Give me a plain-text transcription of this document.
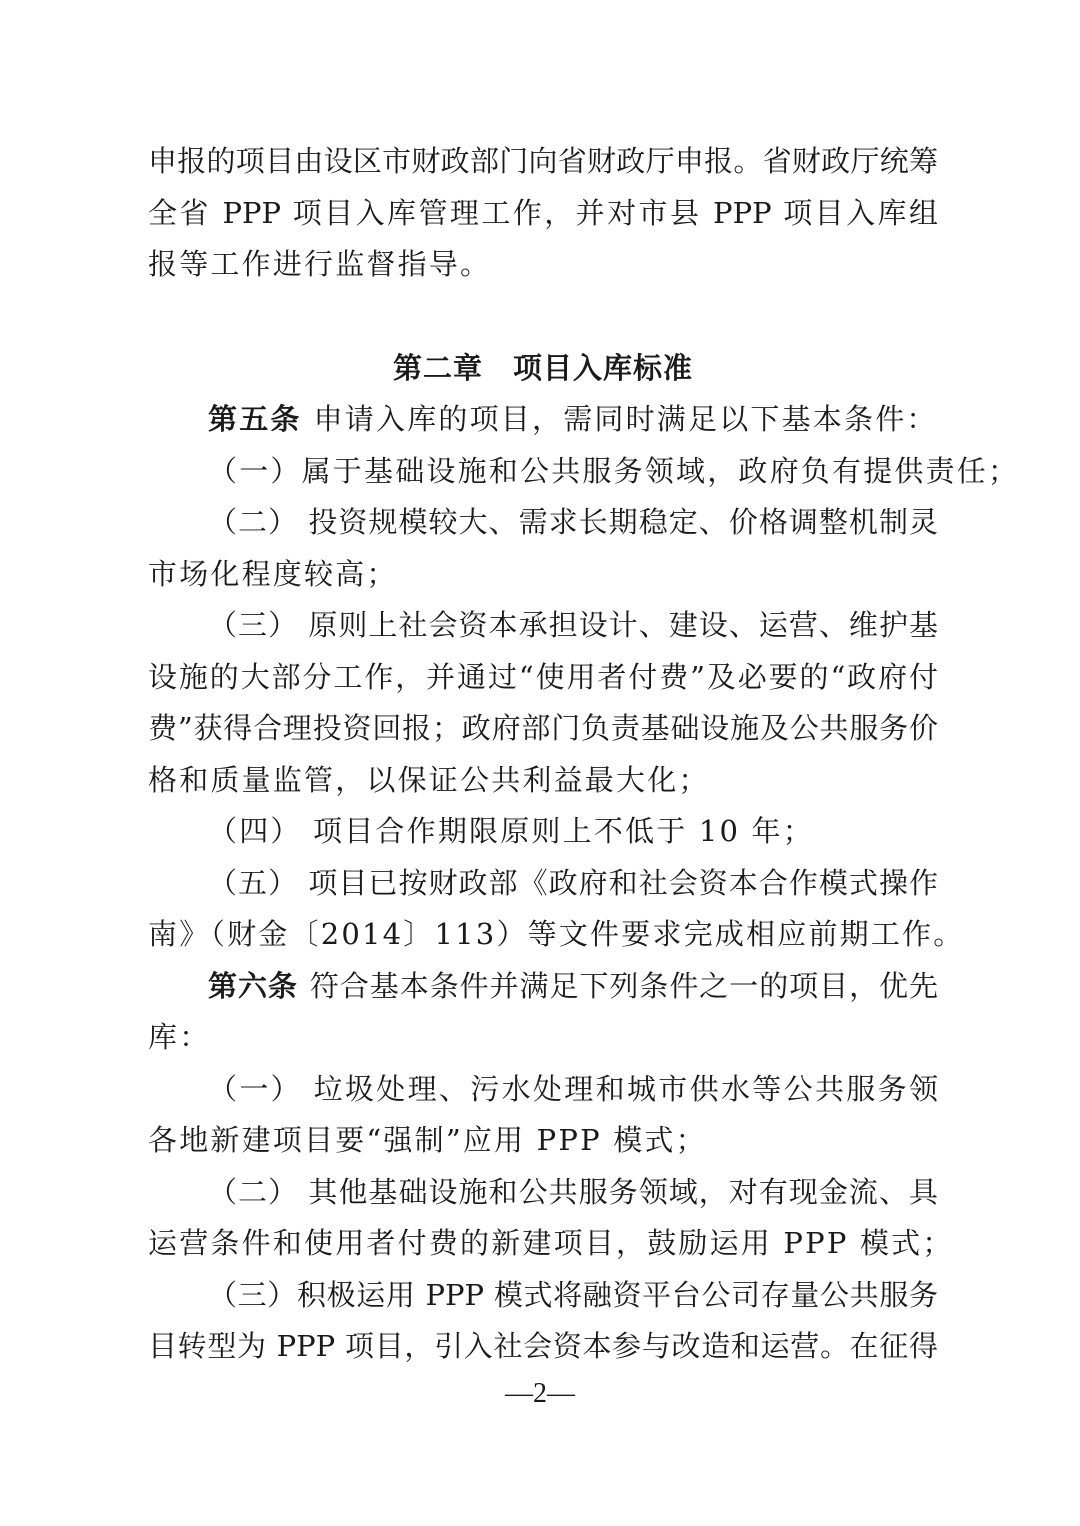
申报的项目由设区市财政部门向省财政厅申报。省财政厅统筹
全省 PPP 项目入库管理工作，并对市县 PPP 项目入库组
报等工作进行监督指导。
第二章 项目入库标准
第五条 申请入库的项目，需同时满足以下基本条件：
（一）属于基础设施和公共服务领域，政府负有提供责任；
（二） 投资规模较大、需求长期稳定、价格调整机制灵
市场化程度较高；
（三） 原则上社会资本承担设计、建设、运营、维护基
设施的大部分工作，并通过“使用者付费”及必要的“政府付
费”获得合理投资回报；政府部门负责基础设施及公共服务价
格和质量监管，以保证公共利益最大化；
（四） 项目合作期限原则上不低于 10 年；
（五） 项目已按财政部《政府和社会资本合作模式操作
南》（财金〔2014〕113）等文件要求完成相应前期工作。
第六条 符合基本条件并满足下列条件之一的项目，优先
库：
（一） 垃圾处理、污水处理和城市供水等公共服务领
各地新建项目要“强制”应用 PPP 模式；
（二） 其他基础设施和公共服务领域，对有现金流、具
运营条件和使用者付费的新建项目，鼓励运用 PPP 模式；
（三）积极运用 PPP 模式将融资平台公司存量公共服务
目转型为 PPP 项目，引入社会资本参与改造和运营。在征得
—2—
